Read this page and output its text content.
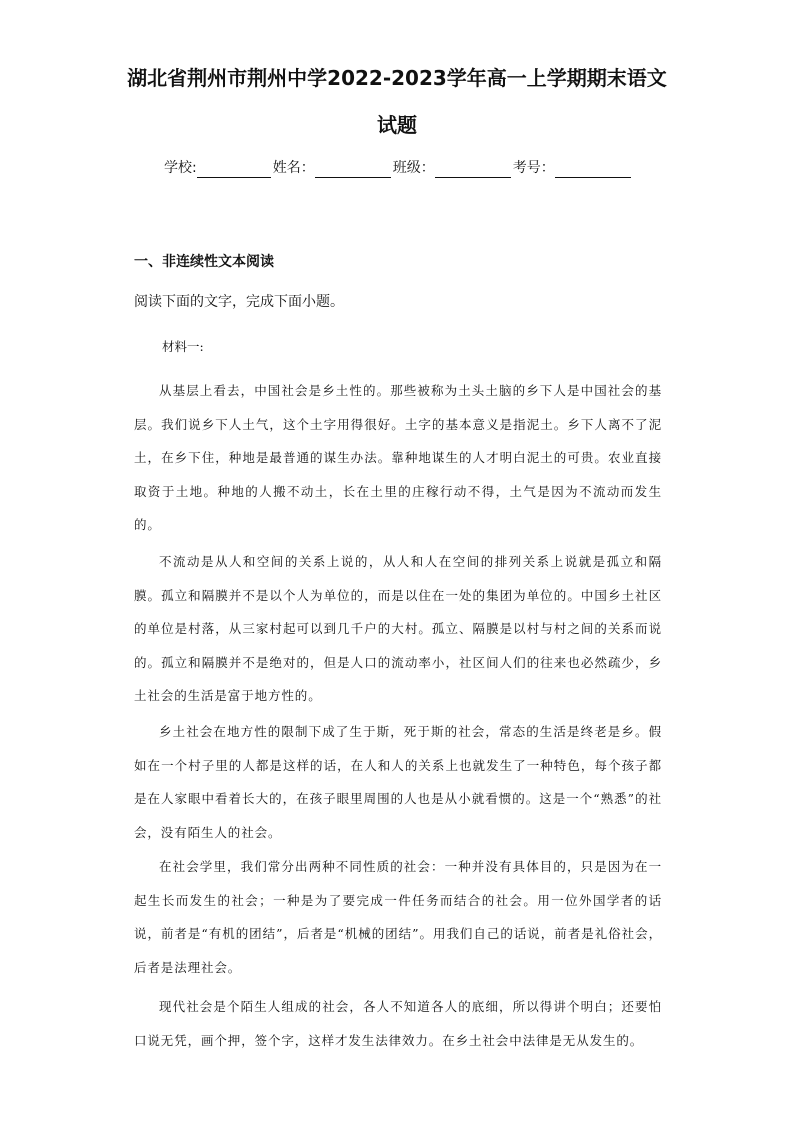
湖北省荆州市荆州中学2022-2023学年高一上学期期末语文
试题
学校:	姓名：	班级：	考号：
一、非连续性文本阅读

阅读下面的文字，完成下面小题。

材料一:

从基层上看去，中国社会是乡土性的。那些被称为土头土脑的乡下人是中国社会的基层。我们说乡下人土气，这个土字用得很好。土字的基本意义是指泥土。乡下人离不了泥土，在乡下住，种地是最普通的谋生办法。靠种地谋生的人才明白泥土的可贵。农业直接取资于土地。种地的人搬不动土，长在土里的庄稼行动不得，土气是因为不流动而发生的。

不流动是从人和空间的关系上说的，从人和人在空间的排列关系上说就是孤立和隔膜。孤立和隔膜并不是以个人为单位的，而是以住在一处的集团为单位的。中国乡土社区的单位是村落，从三家村起可以到几千户的大村。孤立、隔膜是以村与村之间的关系而说的。孤立和隔膜并不是绝对的，但是人口的流动率小，社区间人们的往来也必然疏少，乡土社会的生活是富于地方性的。

乡土社会在地方性的限制下成了生于斯，死于斯的社会，常态的生活是终老是乡。假如在一个村子里的人都是这样的话，在人和人的关系上也就发生了一种特色，每个孩子都是在人家眼中看着长大的，在孩子眼里周围的人也是从小就看惯的。这是一个“熟悉”的社会，没有陌生人的社会。

在社会学里，我们常分出两种不同性质的社会：一种并没有具体目的，只是因为在一起生长而发生的社会；一种是为了要完成一件任务而结合的社会。用一位外国学者的话说，前者是“有机的团结”，后者是“机械的团结”。用我们自己的话说，前者是礼俗社会，后者是法理社会。

现代社会是个陌生人组成的社会，各人不知道各人的底细，所以得讲个明白；还要怕口说无凭，画个押，签个字，这样才发生法律效力。在乡土社会中法律是无从发生的。
